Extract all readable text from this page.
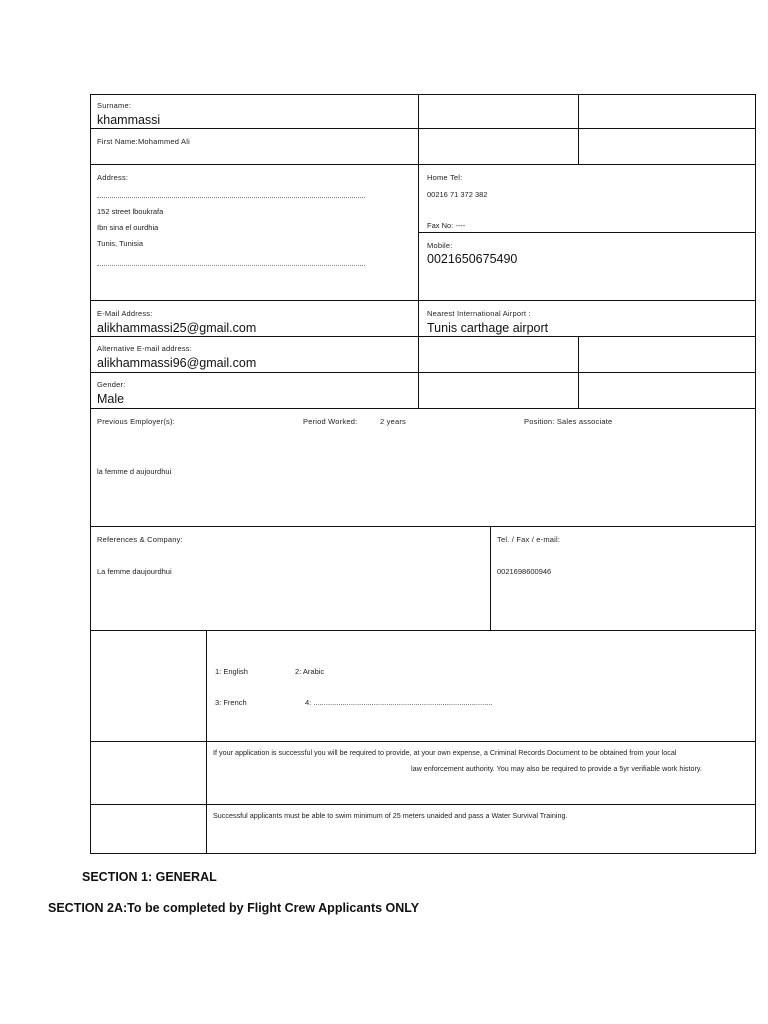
Surname:
khammassi
First Name:Mohammed Ali
Address:
152 street lboukrafa
Ibn sina el ourdhia
Tunis, Tunisia
Home Tel:
00216 71 372 382
Fax No: ----
Mobile:
0021650675490
E-Mail Address:
alikhammassi25@gmail.com
Nearest International Airport :
Tunis carthage airport
Alternative E-mail address:
alikhammassi96@gmail.com
Gender:
Male
Previous Employer(s):	Period Worked:	2 years	Position: Sales associate
la femme d aujourdhui
References & Company:
La femme daujourdhui
Tel. / Fax / e-mail:
0021698600946
1: English	2: Arabic
3: French	4: ......................................................................................
If your application is successful you will be required to provide, at your own expense, a Criminal Records Document to be obtained from your local
law enforcement authority. You may also be required to provide a 5yr verifiable work history.
Successful applicants must be able to swim minimum of 25 meters unaided and pass a Water Survival Training.
SECTION 1: GENERAL
SECTION 2A:To be completed by Flight Crew Applicants ONLY
